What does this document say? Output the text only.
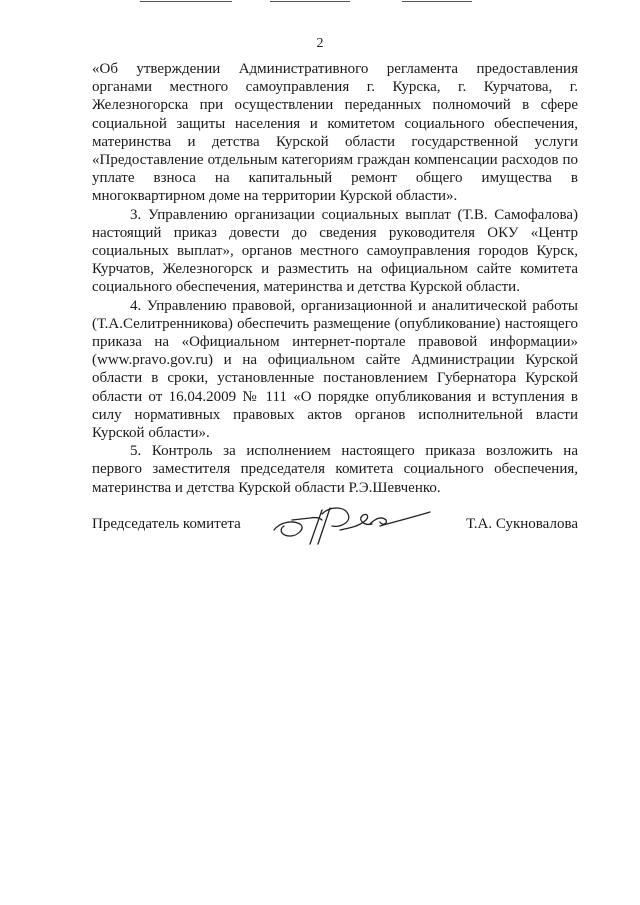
2

«Об утверждении Административного регламента предоставления органами местного самоуправления г. Курска, г. Курчатова, г. Железногорска при осуществлении переданных полномочий в сфере социальной защиты населения и комитетом социального обеспечения, материнства и детства Курской области государственной услуги «Предоставление отдельным категориям граждан компенсации расходов по уплате взноса на капитальный ремонт общего имущества в многоквартирном доме на территории Курской области».

3. Управлению организации социальных выплат (Т.В. Самофалова) настоящий приказ довести до сведения руководителя ОКУ «Центр социальных выплат», органов местного самоуправления городов Курск, Курчатов, Железногорск и разместить на официальном сайте комитета социального обеспечения, материнства и детства Курской области.

4. Управлению правовой, организационной и аналитической работы (Т.А.Селитренникова) обеспечить размещение (опубликование) настоящего приказа на «Официальном интернет-портале правовой информации» (www.pravo.gov.ru) и на официальном сайте Администрации Курской области в сроки, установленные постановлением Губернатора Курской области от 16.04.2009 № 111 «О порядке опубликования и вступления в силу нормативных правовых актов органов исполнительной власти Курской области».

5. Контроль за исполнением настоящего приказа возложить на первого заместителя председателя комитета социального обеспечения, материнства и детства Курской области Р.Э.Шевченко.

Председатель комитета	Т.А. Сукновалова
